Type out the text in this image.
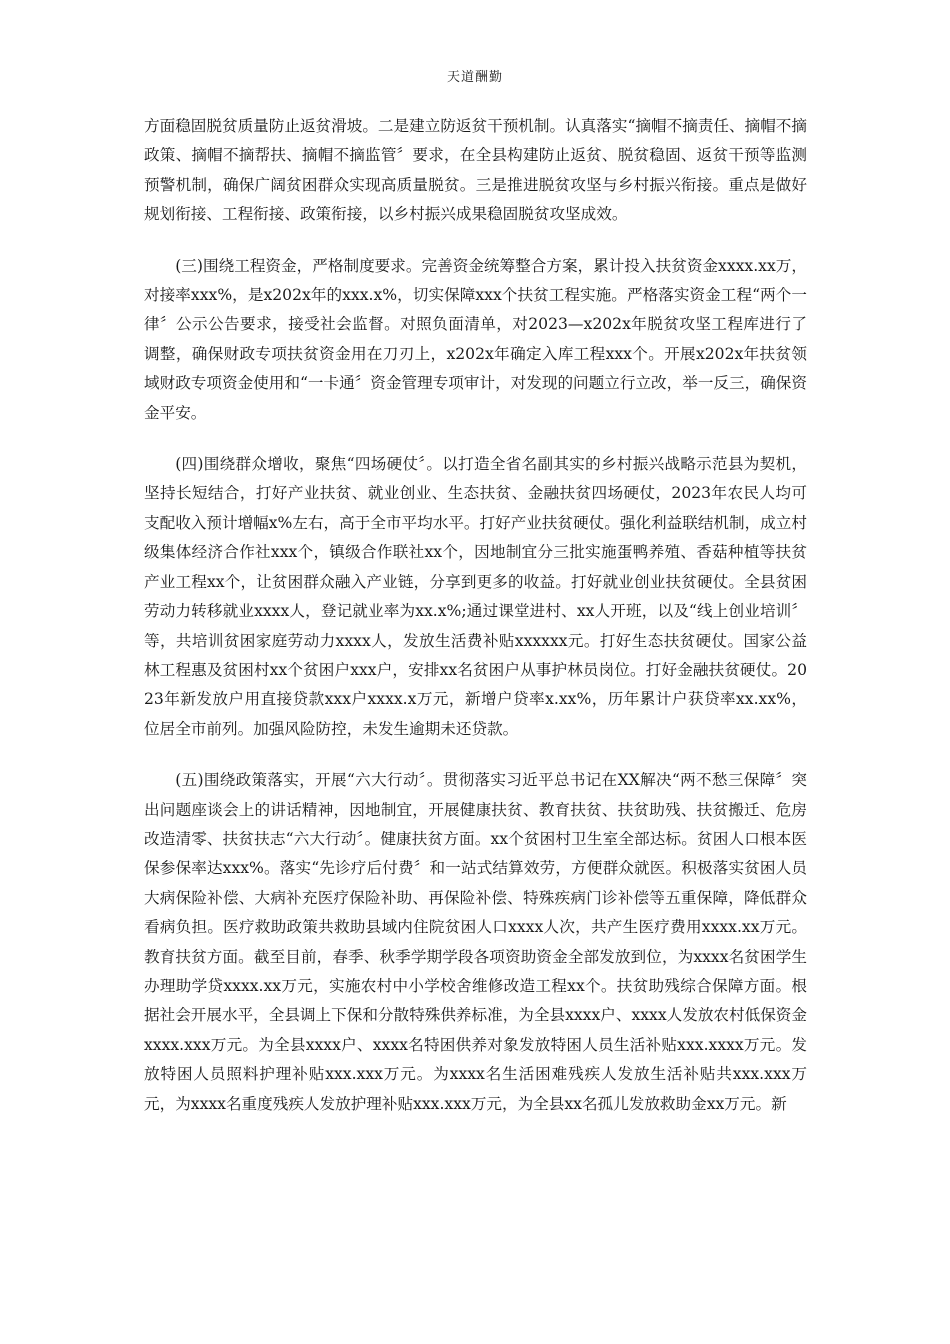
天道酬勤

方面稳固脱贫质量防止返贫滑坡。二是建立防返贫干预机制。认真落实“摘帽不摘责任、摘帽不摘政策、摘帽不摘帮扶、摘帽不摘监管〞要求，在全县构建防止返贫、脱贫稳固、返贫干预等监测预警机制，确保广阔贫困群众实现高质量脱贫。三是推进脱贫攻坚与乡村振兴衔接。重点是做好规划衔接、工程衔接、政策衔接，以乡村振兴成果稳固脱贫攻坚成效。

(三)围绕工程资金，严格制度要求。完善资金统筹整合方案，累计投入扶贫资金xxxx.xx万，对接率xxx%，是x202x年的xxx.x%，切实保障xxx个扶贫工程实施。严格落实资金工程“两个一律〞公示公告要求，接受社会监督。对照负面清单，对2023—x202x年脱贫攻坚工程库进行了调整，确保财政专项扶贫资金用在刀刃上，x202x年确定入库工程xxx个。开展x202x年扶贫领域财政专项资金使用和“一卡通〞资金管理专项审计，对发现的问题立行立改，举一反三，确保资金平安。

(四)围绕群众增收，聚焦“四场硬仗〞。以打造全省名副其实的乡村振兴战略示范县为契机，坚持长短结合，打好产业扶贫、就业创业、生态扶贫、金融扶贫四场硬仗，2023年农民人均可支配收入预计增幅x%左右，高于全市平均水平。打好产业扶贫硬仗。强化利益联结机制，成立村级集体经济合作社xxx个，镇级合作联社xx个，因地制宜分三批实施蛋鸭养殖、香菇种植等扶贫产业工程xx个，让贫困群众融入产业链，分享到更多的收益。打好就业创业扶贫硬仗。全县贫困劳动力转移就业xxxx人，登记就业率为xx.x%;通过课堂进村、xx人开班，以及“线上创业培训〞等，共培训贫困家庭劳动力xxxx人，发放生活费补贴xxxxxx元。打好生态扶贫硬仗。国家公益林工程惠及贫困村xx个贫困户xxx户，安排xx名贫困户从事护林员岗位。打好金融扶贫硬仗。2023年新发放户用直接贷款xxx户xxxx.x万元，新增户贷率x.xx%，历年累计户获贷率xx.xx%，位居全市前列。加强风险防控，未发生逾期未还贷款。

(五)围绕政策落实，开展“六大行动〞。贯彻落实习近平总书记在XX解决“两不愁三保障〞突出问题座谈会上的讲话精神，因地制宜，开展健康扶贫、教育扶贫、扶贫助残、扶贫搬迁、危房改造清零、扶贫扶志“六大行动〞。健康扶贫方面。xx个贫困村卫生室全部达标。贫困人口根本医保参保率达xxx%。落实“先诊疗后付费〞和一站式结算效劳，方便群众就医。积极落实贫困人员大病保险补偿、大病补充医疗保险补助、再保险补偿、特殊疾病门诊补偿等五重保障，降低群众看病负担。医疗救助政策共救助县域内住院贫困人口xxxx人次，共产生医疗费用xxxx.xx万元。教育扶贫方面。截至目前，春季、秋季学期学段各项资助资金全部发放到位，为xxxx名贫困学生办理助学贷xxxx.xx万元，实施农村中小学校舍维修改造工程xx个。扶贫助残综合保障方面。根据社会开展水平，全县调上下保和分散特殊供养标准，为全县xxxx户、xxxx人发放农村低保资金xxxx.xxx万元。为全县xxxx户、xxxx名特困供养对象发放特困人员生活补贴xxx.xxxx万元。发放特困人员照料护理补贴xxx.xxx万元。为xxxx名生活困难残疾人发放生活补贴共xxx.xxx万元，为xxxx名重度残疾人发放护理补贴xxx.xxx万元，为全县xx名孤儿发放救助金xx万元。新
